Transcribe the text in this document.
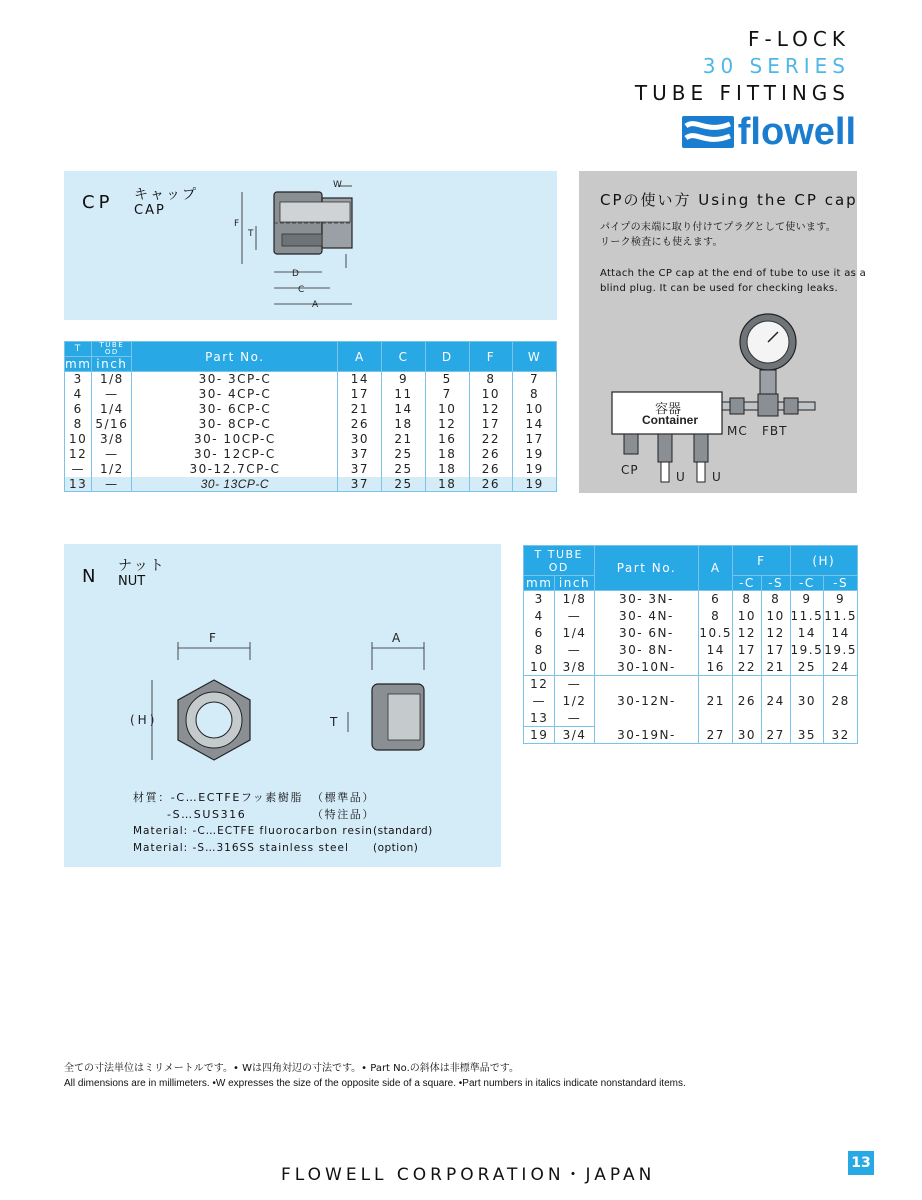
F-LOCK
30 SERIES
TUBE FITTINGS
flowell
CP キャップ
CAP
W
F
T
D
C
A
T	TUBE OD	Part No.	A	C	D	F	W
mm	inch						
3	1/8	30- 3CP-C	14	9	5	8	7
4	—	30- 4CP-C	17	11	7	10	8
6	1/4	30- 6CP-C	21	14	10	12	10
8	5/16	30- 8CP-C	26	18	12	17	14
10	3/8	30- 10CP-C	30	21	16	22	17
12	—	30- 12CP-C	37	25	18	26	19
—	1/2	30-12.7CP-C	37	25	18	26	19
13	—	30- 13CP-C	37	25	18	26	19
CPの使い方 Using the CP cap
パイプの末端に取り付けてプラグとして使います。
リーク検査にも使えます。
Attach the CP cap at the end of tube to use it as a
blind plug. It can be used for checking leaks.
容器
Container
MC FBT
CP	U U
N ナット
NUT
F	A
(H)	T
材質：-C…ECTFEフッ素樹脂 （標準品）
-S…SUS316	（特注品）
Material: -C…ECTFE fluorocarbon resin (standard)
Material: -S…316SS stainless steel (option)
T TUBE OD		Part No.	A	F		(H)	
mm	inch			-C	-S	-C	-S
3	1/8	30- 3N-	6	8	8	9	9
4	—	30- 4N-	8	10	10	11.5	11.5
6	1/4	30- 6N-	10.5	12	12	14	14
8	—	30- 8N-	14	17	17	19.5	19.5
10	3/8	30-10N-	16	22	21	25	24
12	—	30-12N-	21	26	24	30	28
—	1/2						
13	—						
19	3/4	30-19N-	27	30	27	35	32
全ての寸法単位はミリメートルです。• Wは四角対辺の寸法です。• Part No.の斜体は非標準品です。
All dimensions are in millimeters. •W expresses the size of the opposite side of a square. •Part numbers in italics indicate nonstandard items.
FLOWELL CORPORATION・JAPAN
13
